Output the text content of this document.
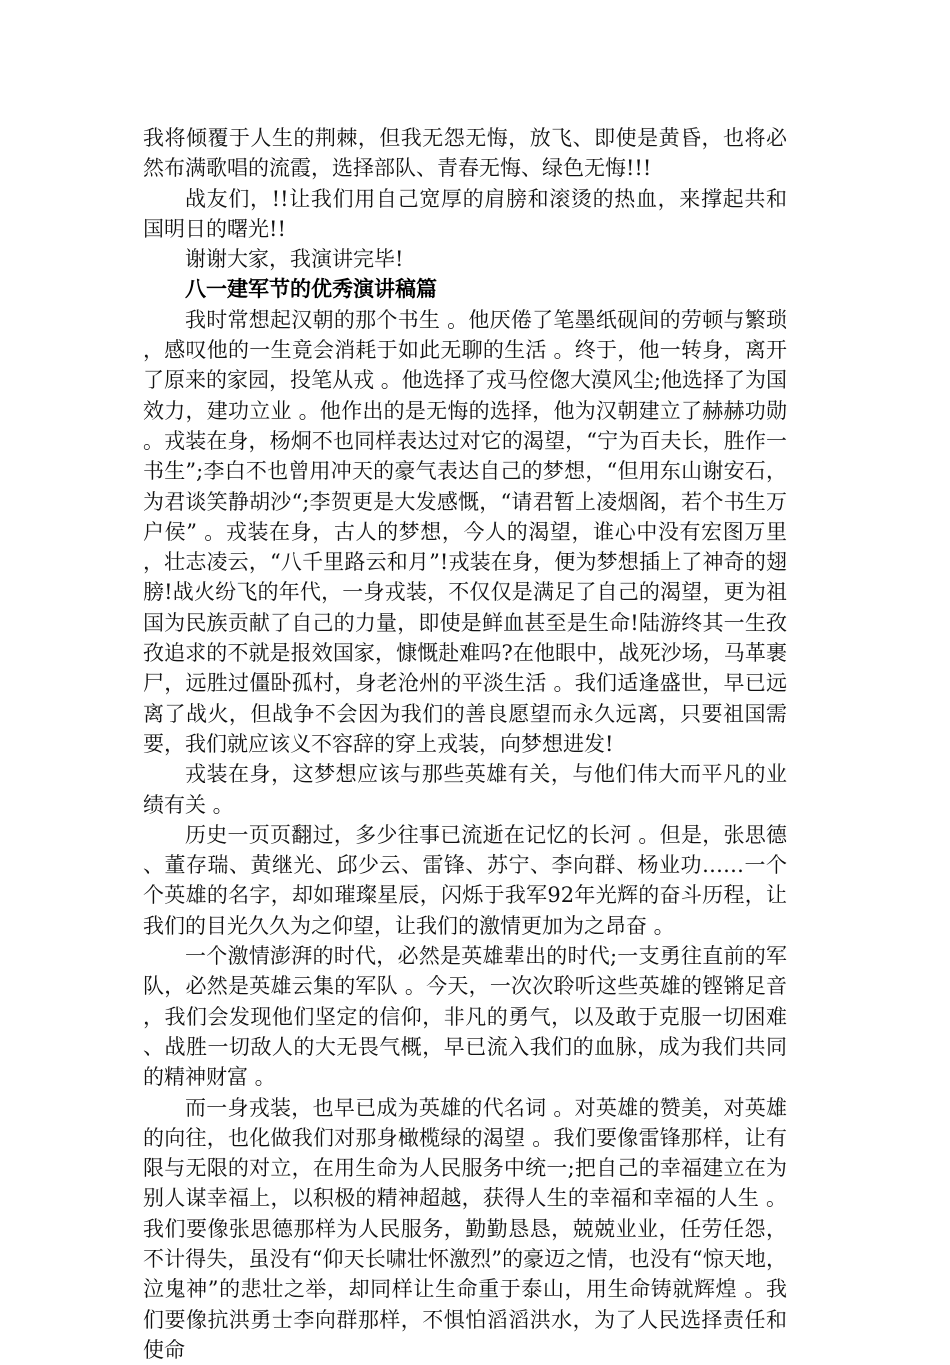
我将倾覆于人生的荆棘，但我无怨无悔，放飞、即使是黄昏，也将必然布满歌唱的流霞，选择部队、青春无悔、绿色无悔!!!

战友们，!!让我们用自己宽厚的肩膀和滚烫的热血，来撑起共和国明日的曙光!!

谢谢大家，我演讲完毕!

八一建军节的优秀演讲稿篇

我时常想起汉朝的那个书生 。他厌倦了笔墨纸砚间的劳顿与繁琐，感叹他的一生竟会消耗于如此无聊的生活 。终于，他一转身，离开了原来的家园，投笔从戎 。他选择了戎马倥偬大漠风尘;他选择了为国效力，建功立业 。他作出的是无悔的选择，他为汉朝建立了赫赫功勋 。戎装在身，杨炯不也同样表达过对它的渴望，“宁为百夫长，胜作一书生”;李白不也曾用冲天的豪气表达自己的梦想，“但用东山谢安石，为君谈笑静胡沙“;李贺更是大发感慨，“请君暂上凌烟阁，若个书生万户侯” 。戎装在身，古人的梦想，今人的渴望，谁心中没有宏图万里，壮志凌云，“八千里路云和月”!戎装在身，便为梦想插上了神奇的翅膀!战火纷飞的年代，一身戎装，不仅仅是满足了自己的渴望，更为祖国为民族贡献了自己的力量，即使是鲜血甚至是生命!陆游终其一生孜孜追求的不就是报效国家，慷慨赴难吗?在他眼中，战死沙场，马革裹尸，远胜过僵卧孤村，身老沧州的平淡生活 。我们适逢盛世，早已远离了战火，但战争不会因为我们的善良愿望而永久远离，只要祖国需要，我们就应该义不容辞的穿上戎装，向梦想进发!

戎装在身，这梦想应该与那些英雄有关，与他们伟大而平凡的业绩有关 。

历史一页页翻过，多少往事已流逝在记忆的长河 。但是，张思德、董存瑞、黄继光、邱少云、雷锋、苏宁、李向群、杨业功……一个个英雄的名字，却如璀璨星辰，闪烁于我军92年光辉的奋斗历程，让我们的目光久久为之仰望，让我们的激情更加为之昂奋 。

一个激情澎湃的时代，必然是英雄辈出的时代;一支勇往直前的军队，必然是英雄云集的军队 。今天，一次次聆听这些英雄的铿锵足音，我们会发现他们坚定的信仰，非凡的勇气，以及敢于克服一切困难、战胜一切敌人的大无畏气概，早已流入我们的血脉，成为我们共同的精神财富 。

而一身戎装，也早已成为英雄的代名词 。对英雄的赞美，对英雄的向往，也化做我们对那身橄榄绿的渴望 。我们要像雷锋那样，让有限与无限的对立，在用生命为人民服务中统一;把自己的幸福建立在为别人谋幸福上，以积极的精神超越，获得人生的幸福和幸福的人生 。我们要像张思德那样为人民服务，勤勤恳恳，兢兢业业，任劳任怨，不计得失，虽没有“仰天长啸壮怀激烈”的豪迈之情，也没有“惊天地，泣鬼神”的悲壮之举，却同样让生命重于泰山，用生命铸就辉煌 。我们要像抗洪勇士李向群那样，不惧怕滔滔洪水，为了人民选择责任和使命
